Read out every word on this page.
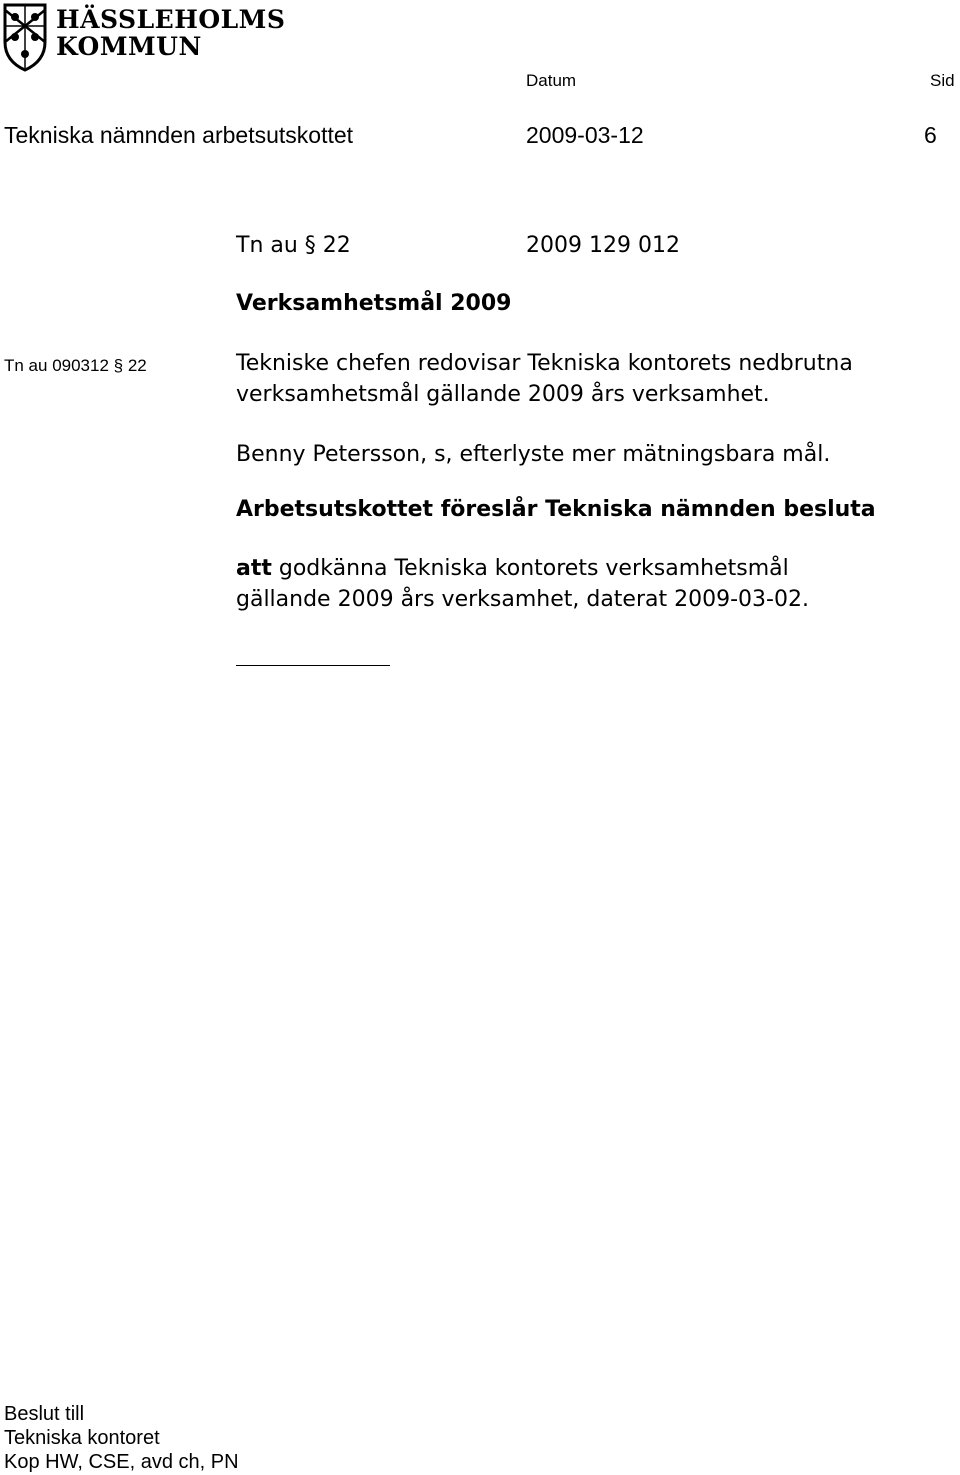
HÄSSLEHOLMS
KOMMUN
Datum	Sid
Tekniska nämnden arbetsutskottet	2009-03-12	6
Tn au § 22	2009 129 012
Verksamhetsmål 2009
Tn au 090312 § 22	Tekniske chefen redovisar Tekniska kontorets nedbrutna
verksamhetsmål gällande 2009 års verksamhet.
Benny Petersson, s, efterlyste mer mätningsbara mål.
Arbetsutskottet föreslår Tekniska nämnden besluta
att godkänna Tekniska kontorets verksamhetsmål
gällande 2009 års verksamhet, daterat 2009-03-02.
Beslut till
Tekniska kontoret
Kop HW, CSE, avd ch, PN
